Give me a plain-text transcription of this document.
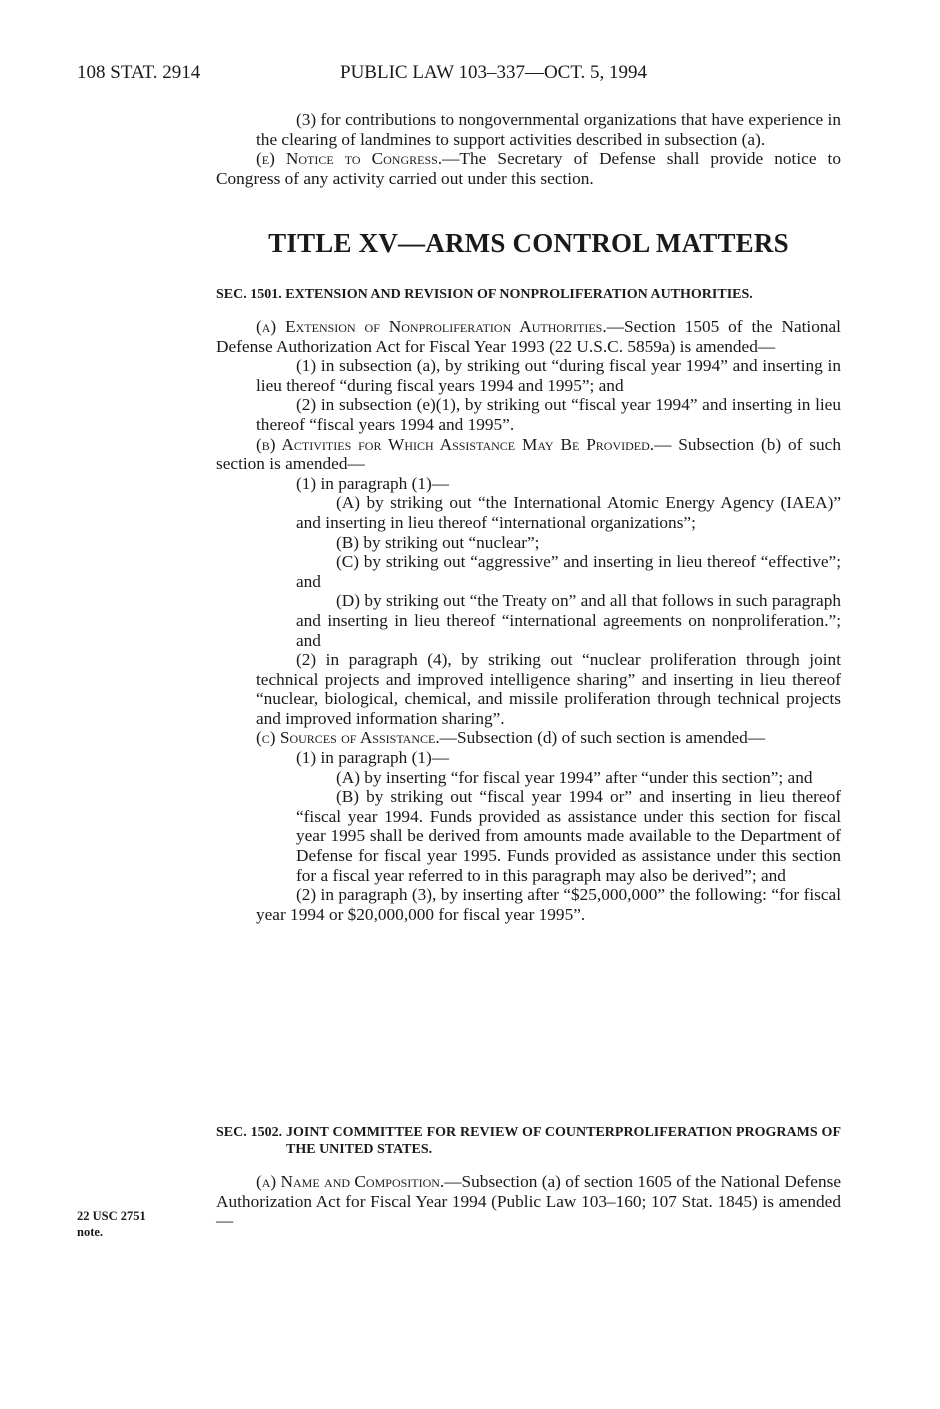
108 STAT. 2914	PUBLIC LAW 103–337—OCT. 5, 1994

(3) for contributions to nongovernmental organizations that have experience in the clearing of landmines to support activities described in subsection (a).

(e) Notice to Congress.—The Secretary of Defense shall provide notice to Congress of any activity carried out under this section.

TITLE XV—ARMS CONTROL MATTERS

SEC. 1501. EXTENSION AND REVISION OF NONPROLIFERATION AUTHORITIES.

(a) Extension of Nonproliferation Authorities.—Section 1505 of the National Defense Authorization Act for Fiscal Year 1993 (22 U.S.C. 5859a) is amended—

(1) in subsection (a), by striking out “during fiscal year 1994” and inserting in lieu thereof “during fiscal years 1994 and 1995”; and

(2) in subsection (e)(1), by striking out “fiscal year 1994” and inserting in lieu thereof “fiscal years 1994 and 1995”.

(b) Activities for Which Assistance May Be Provided.— Subsection (b) of such section is amended—

(1) in paragraph (1)—

(A) by striking out “the International Atomic Energy Agency (IAEA)” and inserting in lieu thereof “international organizations”;

(B) by striking out “nuclear”;

(C) by striking out “aggressive” and inserting in lieu thereof “effective”; and

(D) by striking out “the Treaty on” and all that follows in such paragraph and inserting in lieu thereof “international agreements on nonproliferation.”; and

(2) in paragraph (4), by striking out “nuclear proliferation through joint technical projects and improved intelligence sharing” and inserting in lieu thereof “nuclear, biological, chemical, and missile proliferation through technical projects and improved information sharing”.

(c) Sources of Assistance.—Subsection (d) of such section is amended—

(1) in paragraph (1)—

(A) by inserting “for fiscal year 1994” after “under this section”; and

(B) by striking out “fiscal year 1994 or” and inserting in lieu thereof “fiscal year 1994. Funds provided as assistance under this section for fiscal year 1995 shall be derived from amounts made available to the Department of Defense for fiscal year 1995. Funds provided as assistance under this section for a fiscal year referred to in this paragraph may also be derived”; and

(2) in paragraph (3), by inserting after “$25,000,000” the following: “for fiscal year 1994 or $20,000,000 for fiscal year 1995”.

SEC. 1502. JOINT COMMITTEE FOR REVIEW OF COUNTERPROLIFERATION PROGRAMS OF THE UNITED STATES.

(a) Name and Composition.—Subsection (a) of section 1605 of the National Defense Authorization Act for Fiscal Year 1994 (Public Law 103–160; 107 Stat. 1845) is amended—

22 USC 2751
note.
